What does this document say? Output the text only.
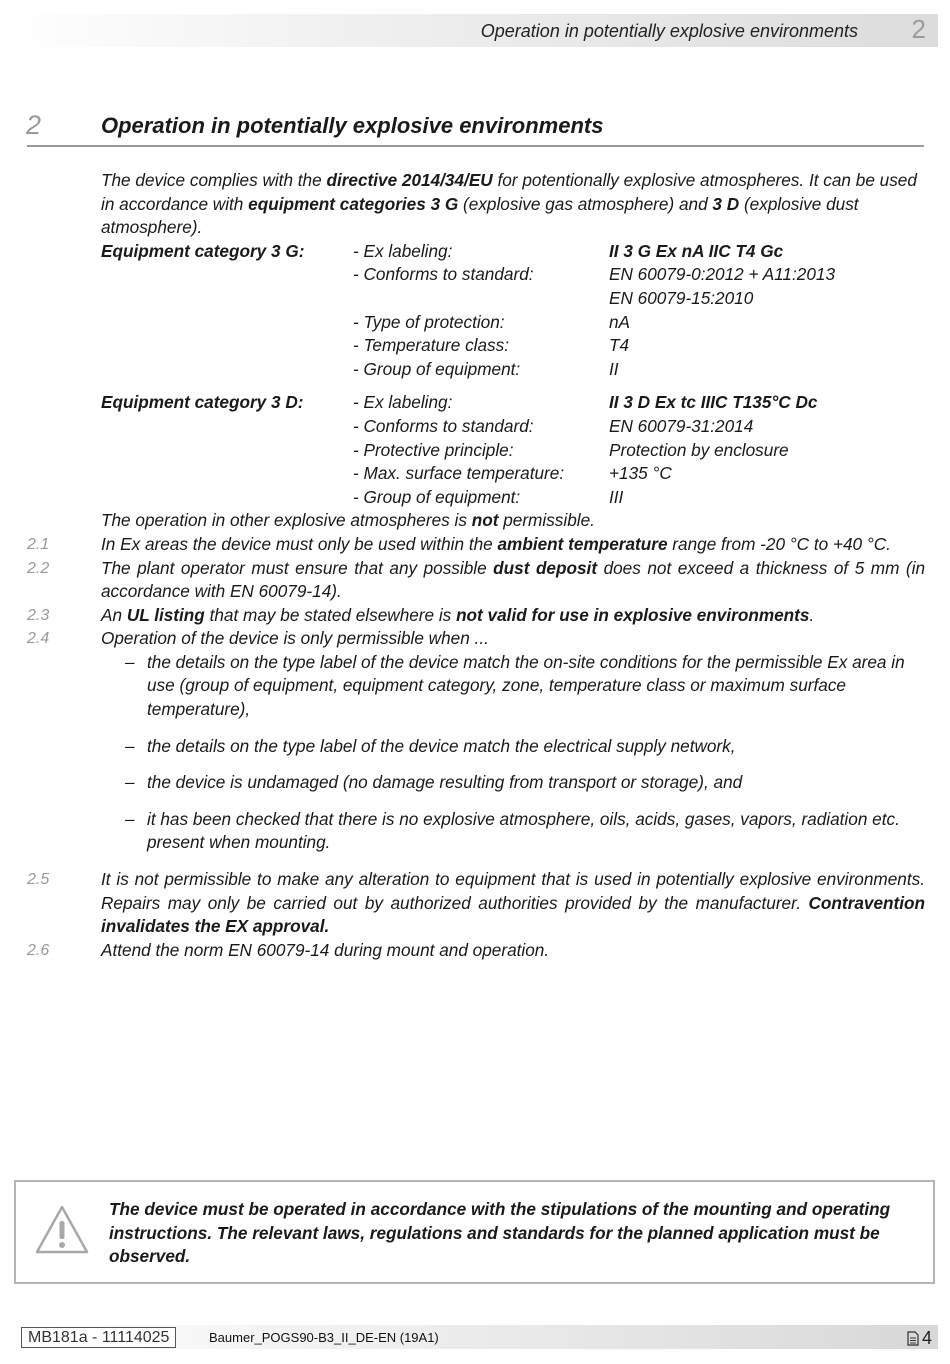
Operation in potentially explosive environments 2
2	Operation in potentially explosive environments

The device complies with the directive 2014/34/EU for potentionally explosive atmospheres. It can be used in accordance with equipment categories 3 G (explosive gas atmosphere) and 3 D (explosive dust atmosphere).

Equipment category 3 G:	- Ex labeling:	II 3 G Ex nA IIC T4 Gc
- Conforms to standard:	EN 60079-0:2012 + A11:2013
EN 60079-15:2010
- Type of protection:	nA
- Temperature class:	T4
- Group of equipment:	II
Equipment category 3 D:	- Ex labeling:	II 3 D Ex tc IIIC T135°C Dc
- Conforms to standard:	EN 60079-31:2014
- Protective principle:	Protection by enclosure
- Max. surface temperature:	+135 °C
- Group of equipment:	III

The operation in other explosive atmospheres is not permissible.

2.1	In Ex areas the device must only be used within the ambient temperature range from -20 °C to +40 °C.

2.2	The plant operator must ensure that any possible dust deposit does not exceed a thickness of 5 mm (in accordance with EN 60079-14).

2.3	An UL listing that may be stated elsewhere is not valid for use in explosive environments.

2.4	Operation of the device is only permissible when ...

– the details on the type label of the device match the on-site conditions for the permissible Ex area in use (group of equipment, equipment category, zone, temperature class or maximum surface temperature),
– the details on the type label of the device match the electrical supply network,
– the device is undamaged (no damage resulting from transport or storage), and
– it has been checked that there is no explosive atmosphere, oils, acids, gases, vapors, radiation etc. present when mounting.

2.5	It is not permissible to make any alteration to equipment that is used in potentially explosive environments. Repairs may only be carried out by authorized authorities provided by the manufacturer. Contravention invalidates the EX approval.

2.6	Attend the norm EN 60079-14 during mount and operation.

The device must be operated in accordance with the stipulations of the mounting and operating instructions. The relevant laws, regulations and standards for the planned application must be observed.
MB181a - 11114025	Baumer_POGS90-B3_II_DE-EN (19A1)	4
